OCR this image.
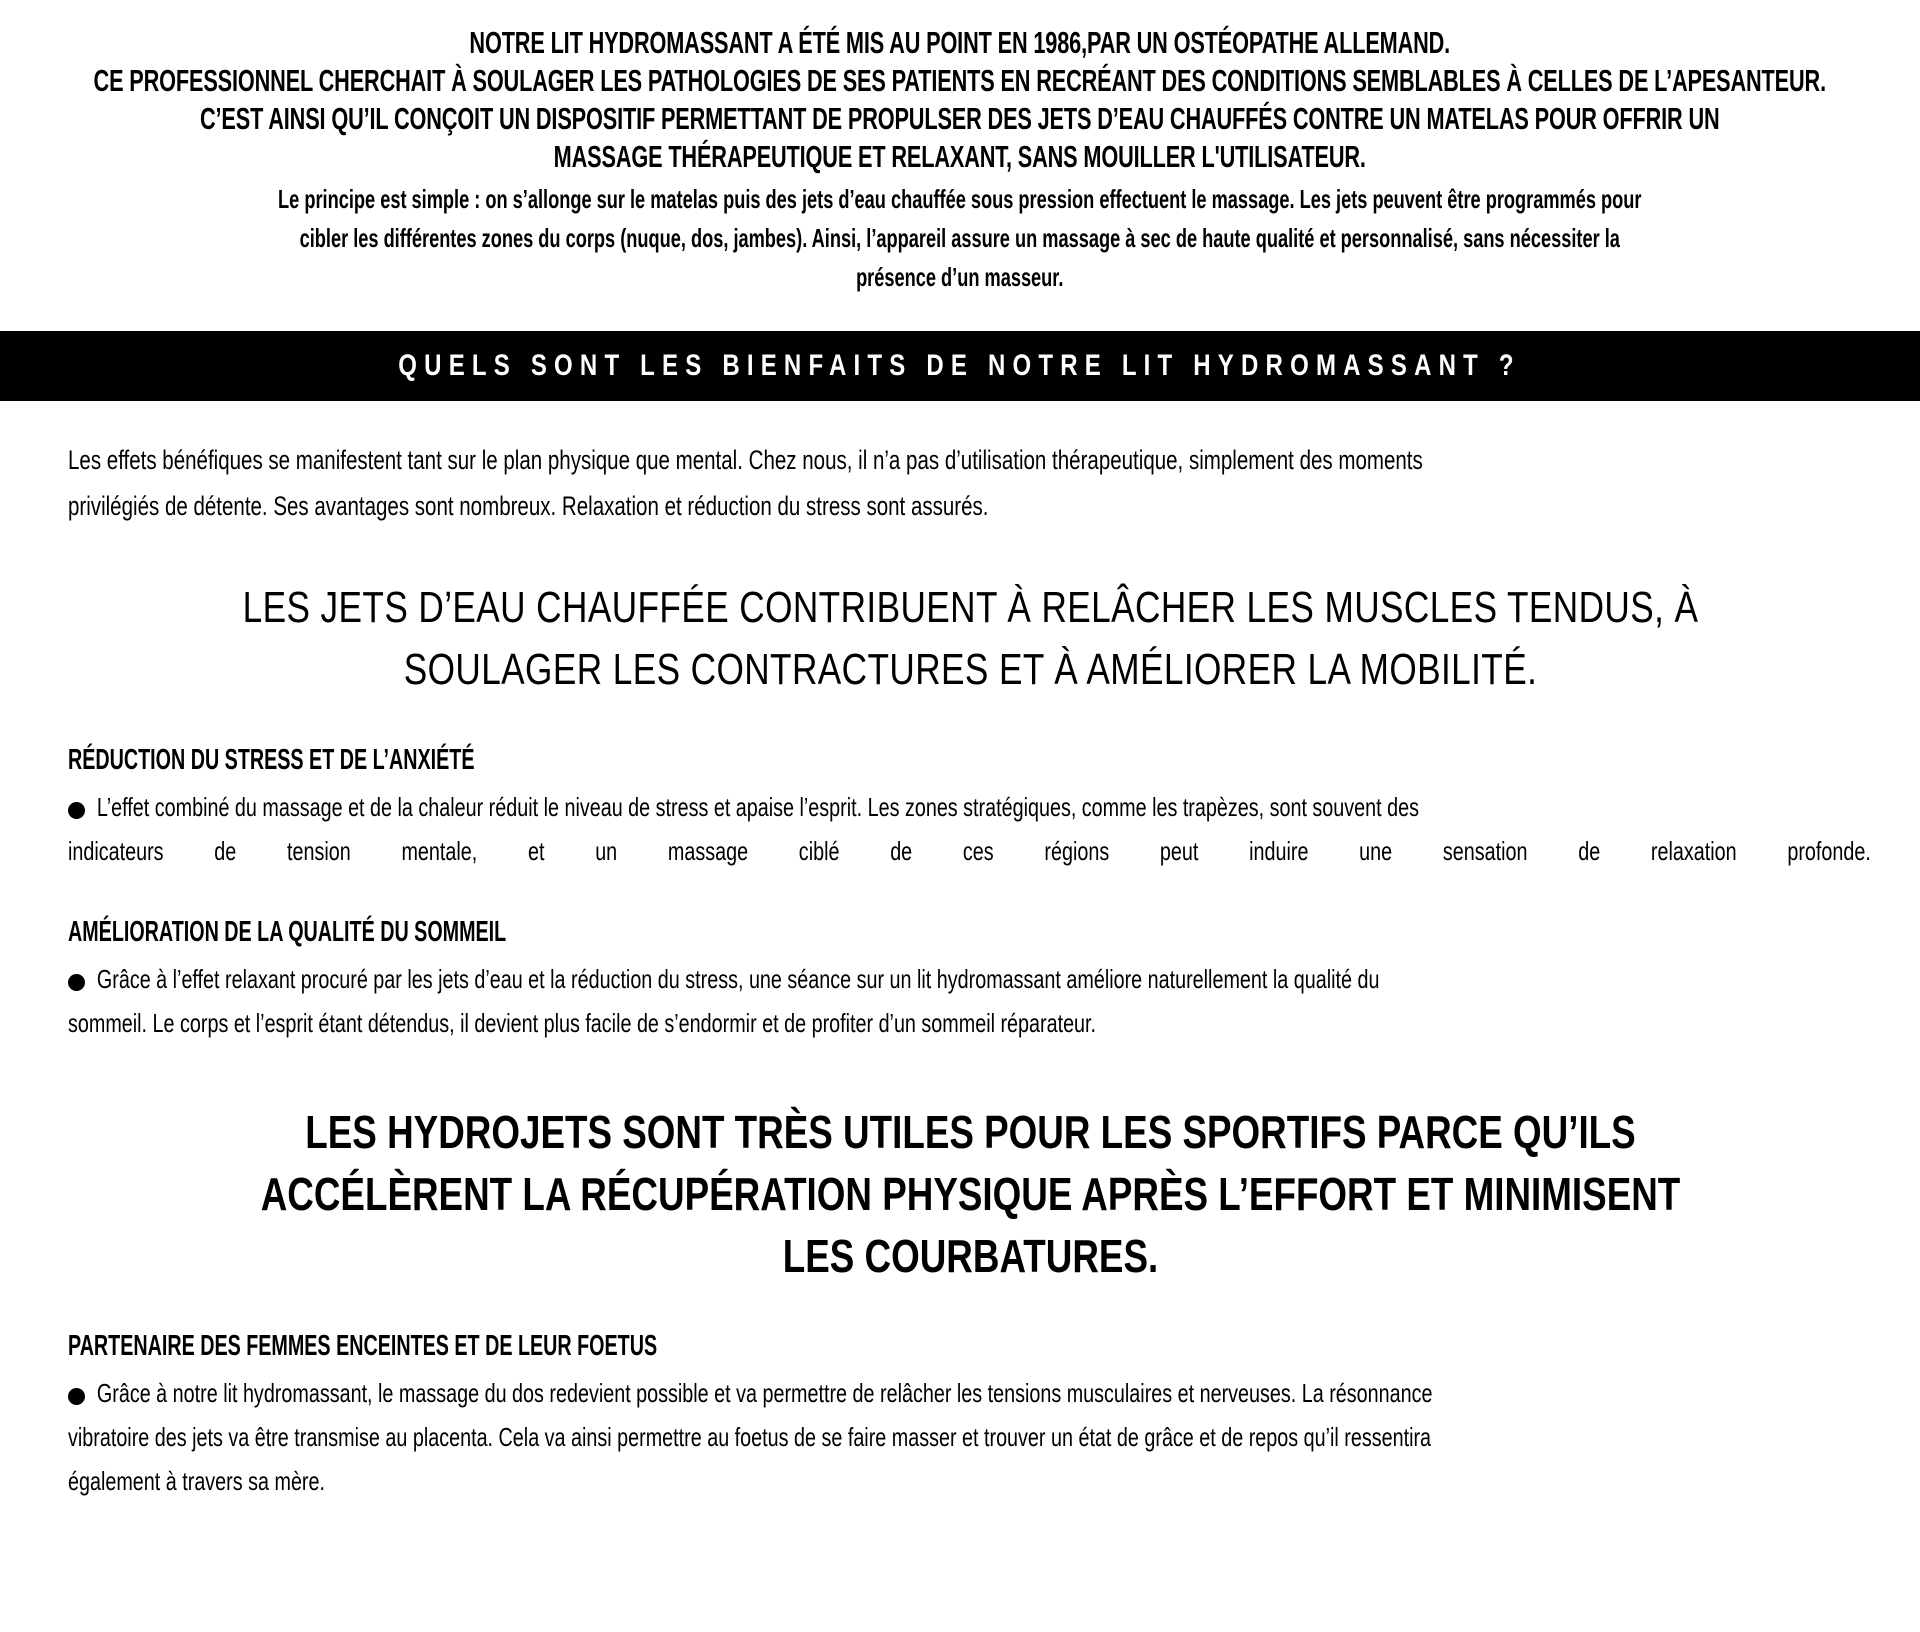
NOTRE LIT HYDROMASSANT A ÉTÉ MIS AU POINT EN 1986,PAR UN OSTÉOPATHE ALLEMAND.
CE PROFESSIONNEL CHERCHAIT À SOULAGER LES PATHOLOGIES DE SES PATIENTS EN RECRÉANT DES CONDITIONS SEMBLABLES À CELLES DE L’APESANTEUR.
C’EST AINSI QU’IL CONÇOIT UN DISPOSITIF PERMETTANT DE PROPULSER DES JETS D’EAU CHAUFFÉS CONTRE UN MATELAS POUR OFFRIR UN
MASSAGE THÉRAPEUTIQUE ET RELAXANT, SANS MOUILLER L'UTILISATEUR.
Le principe est simple : on s’allonge sur le matelas puis des jets d’eau chauffée sous pression effectuent le massage. Les jets peuvent être programmés pour
cibler les différentes zones du corps (nuque, dos, jambes). Ainsi, l’appareil assure un massage à sec de haute qualité et personnalisé, sans nécessiter la
présence d’un masseur.
QUELS SONT LES BIENFAITS DE NOTRE LIT HYDROMASSANT ?
Les effets bénéfiques se manifestent tant sur le plan physique que mental. Chez nous, il n’a pas d’utilisation thérapeutique, simplement des moments
privilégiés de détente. Ses avantages sont nombreux. Relaxation et réduction du stress sont assurés.
LES JETS D’EAU CHAUFFÉE CONTRIBUENT À RELÂCHER LES MUSCLES TENDUS, À
SOULAGER LES CONTRACTURES ET À AMÉLIORER LA MOBILITÉ.
RÉDUCTION DU STRESS ET DE L’ANXIÉTÉ
L’effet combiné du massage et de la chaleur réduit le niveau de stress et apaise l’esprit. Les zones stratégiques, comme les trapèzes, sont souvent des
indicateurs de tension mentale, et un massage ciblé de ces régions peut induire une sensation de relaxation profonde.
AMÉLIORATION DE LA QUALITÉ DU SOMMEIL
Grâce à l’effet relaxant procuré par les jets d’eau et la réduction du stress, une séance sur un lit hydromassant améliore naturellement la qualité du
sommeil. Le corps et l’esprit étant détendus, il devient plus facile de s’endormir et de profiter d’un sommeil réparateur.
LES HYDROJETS SONT TRÈS UTILES POUR LES SPORTIFS PARCE QU’ILS
ACCÉLÈRENT LA RÉCUPÉRATION PHYSIQUE APRÈS L’EFFORT ET MINIMISENT
LES COURBATURES.
PARTENAIRE DES FEMMES ENCEINTES ET DE LEUR FOETUS
Grâce à notre lit hydromassant, le massage du dos redevient possible et va permettre de relâcher les tensions musculaires et nerveuses. La résonnance
vibratoire des jets va être transmise au placenta. Cela va ainsi permettre au foetus de se faire masser et trouver un état de grâce et de repos qu’il ressentira
également à travers sa mère.
